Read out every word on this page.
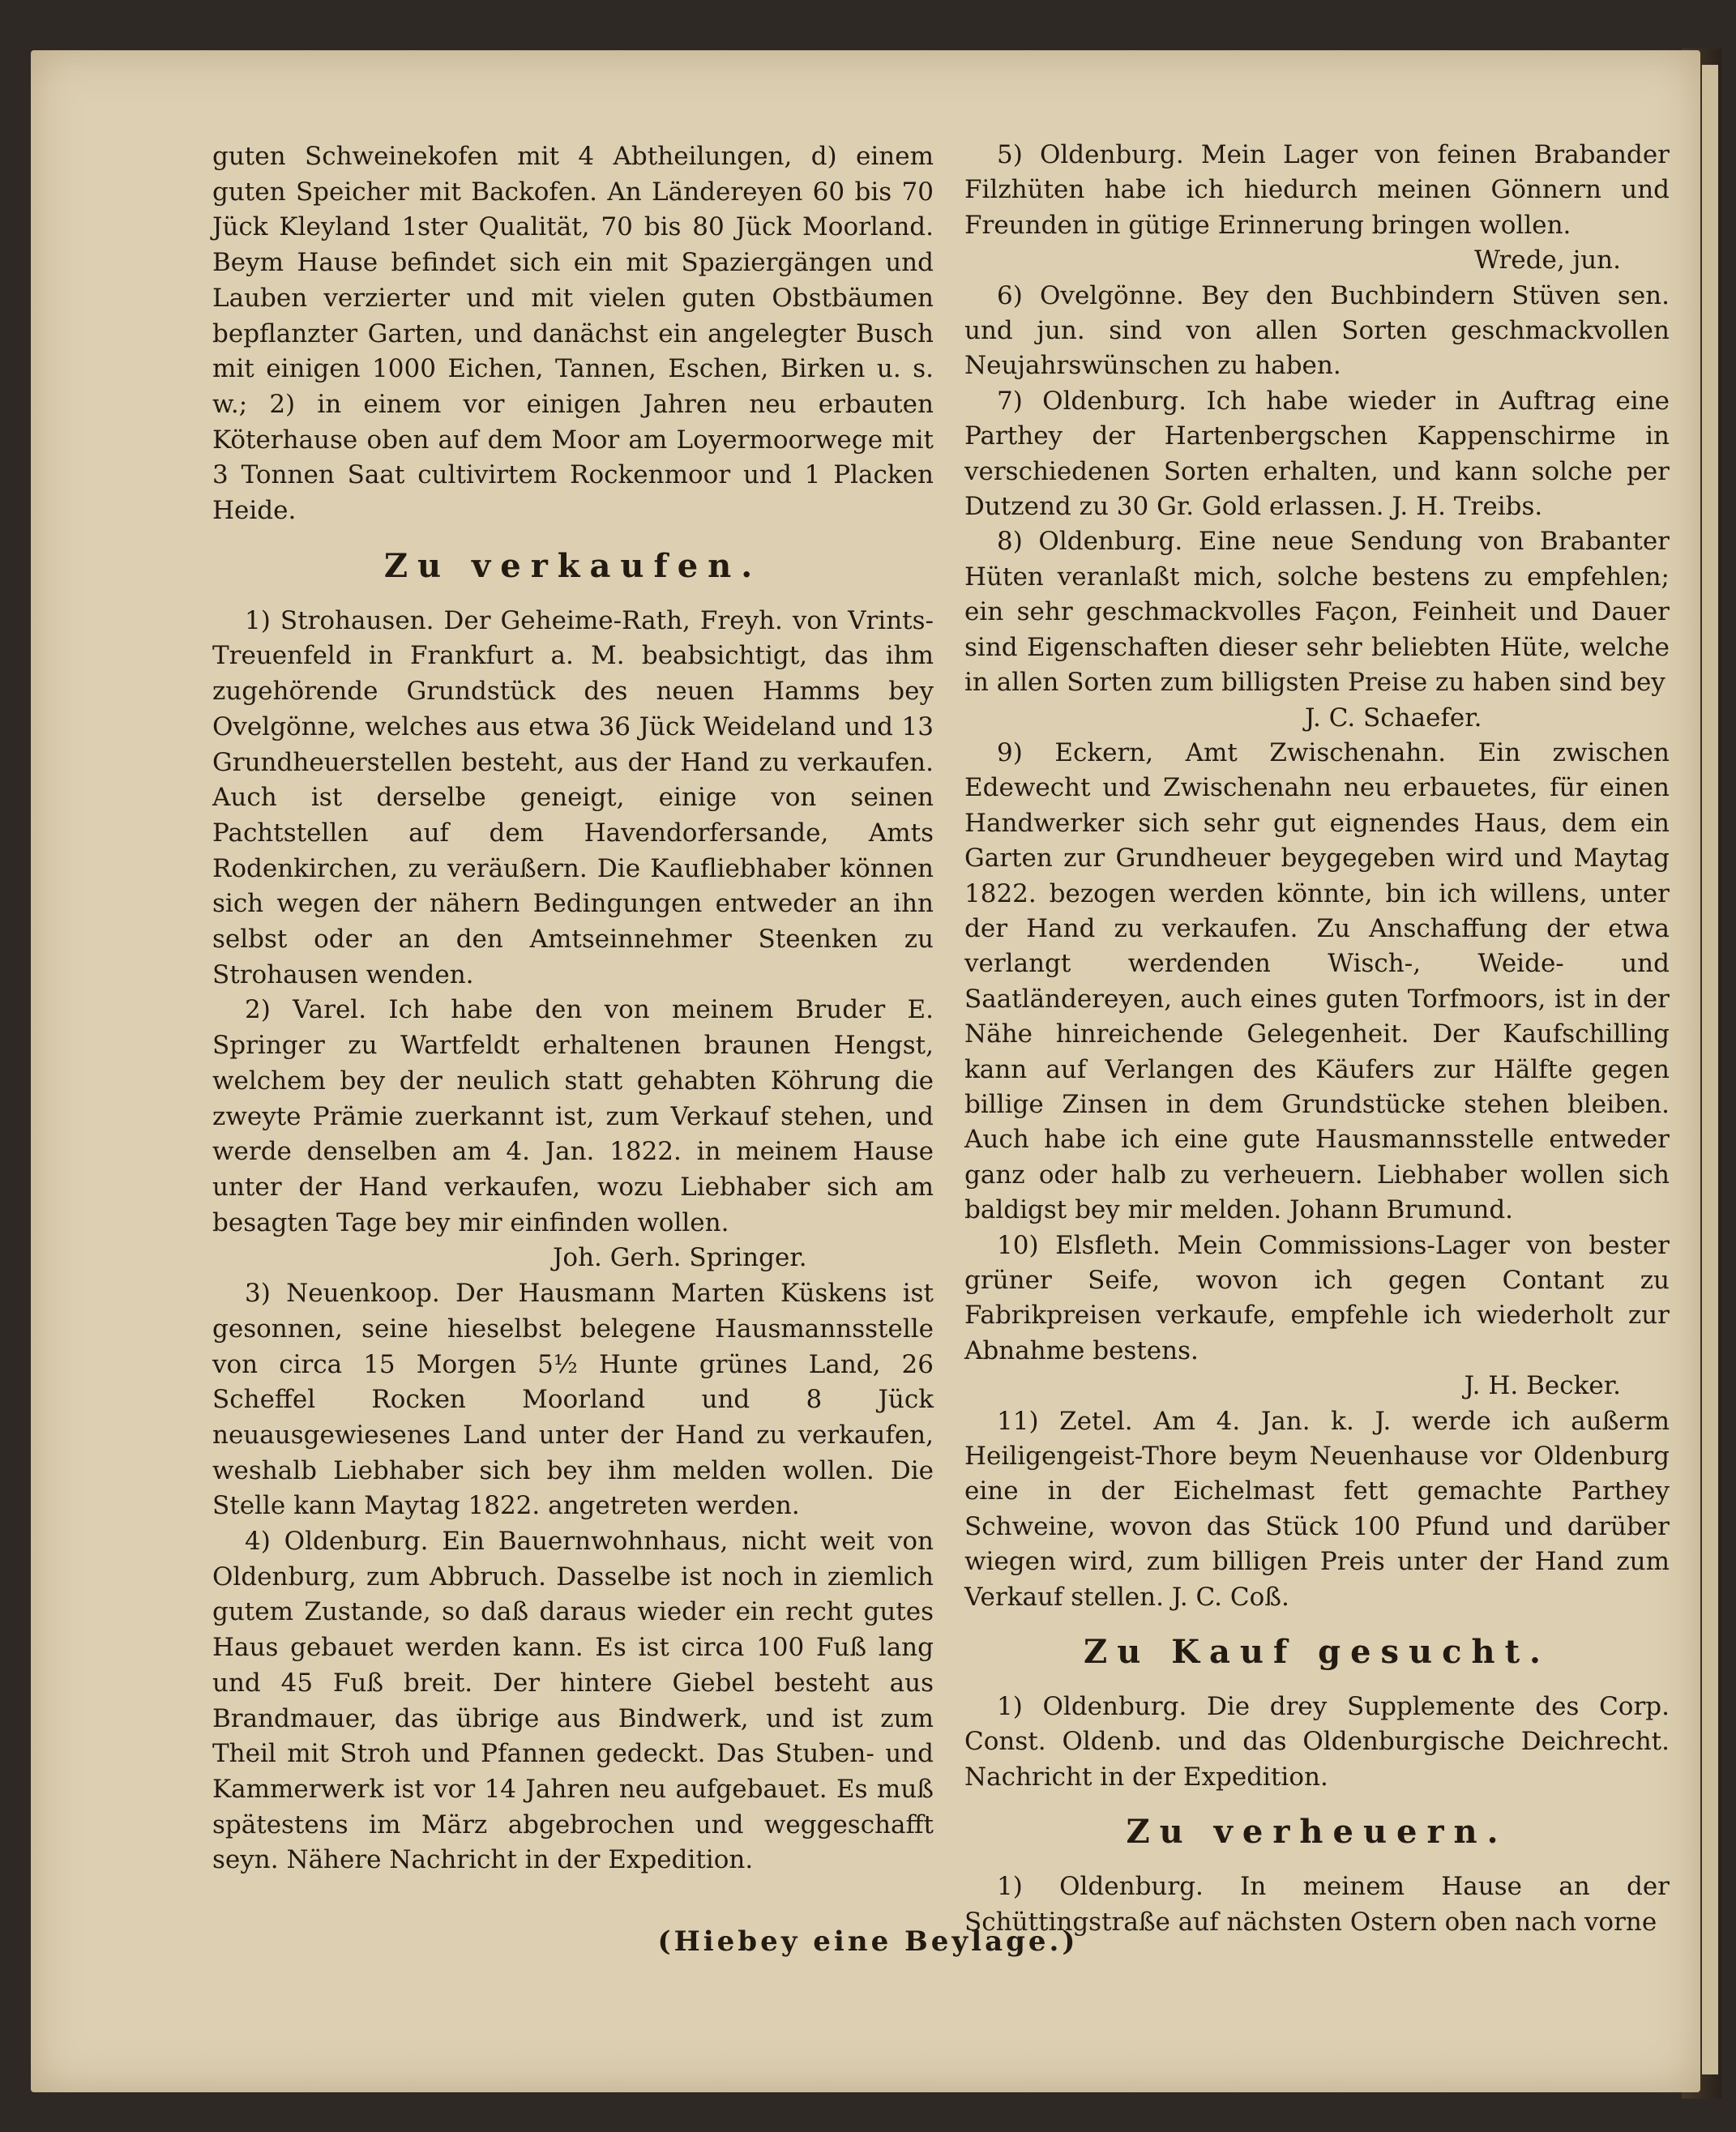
guten Schweinekofen mit 4 Abtheilungen, d) einem guten Speicher mit Backofen. An Ländereyen 60 bis 70 Jück Kleyland 1ster Qualität, 70 bis 80 Jück Moorland. Beym Hause befindet sich ein mit Spaziergängen und Lauben verzierter und mit vielen guten Obstbäumen bepflanzter Garten, und danächst ein angelegter Busch mit einigen 1000 Eichen, Tannen, Eschen, Birken u. s. w.; 2) in einem vor einigen Jahren neu erbauten Köterhause oben auf dem Moor am Loyermoorwege mit 3 Tonnen Saat cultivirtem Rockenmoor und 1 Placken Heide.

Zu verkaufen.

1) Strohausen. Der Geheime-Rath, Freyh. von Vrints-Treuenfeld in Frankfurt a. M. beabsichtigt, das ihm zugehörende Grundstück des neuen Hamms bey Ovelgönne, welches aus etwa 36 Jück Weideland und 13 Grundheuerstellen besteht, aus der Hand zu verkaufen. Auch ist derselbe geneigt, einige von seinen Pachtstellen auf dem Havendorfersande, Amts Rodenkirchen, zu veräußern. Die Kaufliebhaber können sich wegen der nähern Bedingungen entweder an ihn selbst oder an den Amtseinnehmer Steenken zu Strohausen wenden.

2) Varel. Ich habe den von meinem Bruder E. Springer zu Wartfeldt erhaltenen braunen Hengst, welchem bey der neulich statt gehabten Köhrung die zweyte Prämie zuerkannt ist, zum Verkauf stehen, und werde denselben am 4. Jan. 1822. in meinem Hause unter der Hand verkaufen, wozu Liebhaber sich am besagten Tage bey mir einfinden wollen.

Joh. Gerh. Springer.

3) Neuenkoop. Der Hausmann Marten Küskens ist gesonnen, seine hieselbst belegene Hausmannsstelle von circa 15 Morgen 5½ Hunte grünes Land, 26 Scheffel Rocken Moorland und 8 Jück neuausgewiesenes Land unter der Hand zu verkaufen, weshalb Liebhaber sich bey ihm melden wollen. Die Stelle kann Maytag 1822. angetreten werden.

4) Oldenburg. Ein Bauernwohnhaus, nicht weit von Oldenburg, zum Abbruch. Dasselbe ist noch in ziemlich gutem Zustande, so daß daraus wieder ein recht gutes Haus gebauet werden kann. Es ist circa 100 Fuß lang und 45 Fuß breit. Der hintere Giebel besteht aus Brandmauer, das übrige aus Bindwerk, und ist zum Theil mit Stroh und Pfannen gedeckt. Das Stuben- und Kammerwerk ist vor 14 Jahren neu aufgebauet. Es muß spätestens im März abgebrochen und weggeschafft seyn. Nähere Nachricht in der Expedition.

5) Oldenburg. Mein Lager von feinen Brabander Filzhüten habe ich hiedurch meinen Gönnern und Freunden in gütige Erinnerung bringen wollen.

Wrede, jun.

6) Ovelgönne. Bey den Buchbindern Stüven sen. und jun. sind von allen Sorten geschmackvollen Neujahrswünschen zu haben.

7) Oldenburg. Ich habe wieder in Auftrag eine Parthey der Hartenbergschen Kappenschirme in verschiedenen Sorten erhalten, und kann solche per Dutzend zu 30 Gr. Gold erlassen. J. H. Treibs.

8) Oldenburg. Eine neue Sendung von Brabanter Hüten veranlaßt mich, solche bestens zu empfehlen; ein sehr geschmackvolles Façon, Feinheit und Dauer sind Eigenschaften dieser sehr beliebten Hüte, welche in allen Sorten zum billigsten Preise zu haben sind bey

J. C. Schaefer.

9) Eckern, Amt Zwischenahn. Ein zwischen Edewecht und Zwischenahn neu erbauetes, für einen Handwerker sich sehr gut eignendes Haus, dem ein Garten zur Grundheuer beygegeben wird und Maytag 1822. bezogen werden könnte, bin ich willens, unter der Hand zu verkaufen. Zu Anschaffung der etwa verlangt werdenden Wisch-, Weide- und Saatländereyen, auch eines guten Torfmoors, ist in der Nähe hinreichende Gelegenheit. Der Kaufschilling kann auf Verlangen des Käufers zur Hälfte gegen billige Zinsen in dem Grundstücke stehen bleiben. Auch habe ich eine gute Hausmannsstelle entweder ganz oder halb zu verheuern. Liebhaber wollen sich baldigst bey mir melden. Johann Brumund.

10) Elsfleth. Mein Commissions-Lager von bester grüner Seife, wovon ich gegen Contant zu Fabrikpreisen verkaufe, empfehle ich wiederholt zur Abnahme bestens.

J. H. Becker.

11) Zetel. Am 4. Jan. k. J. werde ich außerm Heiligengeist-Thore beym Neuenhause vor Oldenburg eine in der Eichelmast fett gemachte Parthey Schweine, wovon das Stück 100 Pfund und darüber wiegen wird, zum billigen Preis unter der Hand zum Verkauf stellen. J. C. Coß.

Zu Kauf gesucht.

1) Oldenburg. Die drey Supplemente des Corp. Const. Oldenb. und das Oldenburgische Deichrecht. Nachricht in der Expedition.

Zu verheuern.

1) Oldenburg. In meinem Hause an der Schüttingstraße auf nächsten Ostern oben nach vorne

(Hiebey eine Beylage.)
